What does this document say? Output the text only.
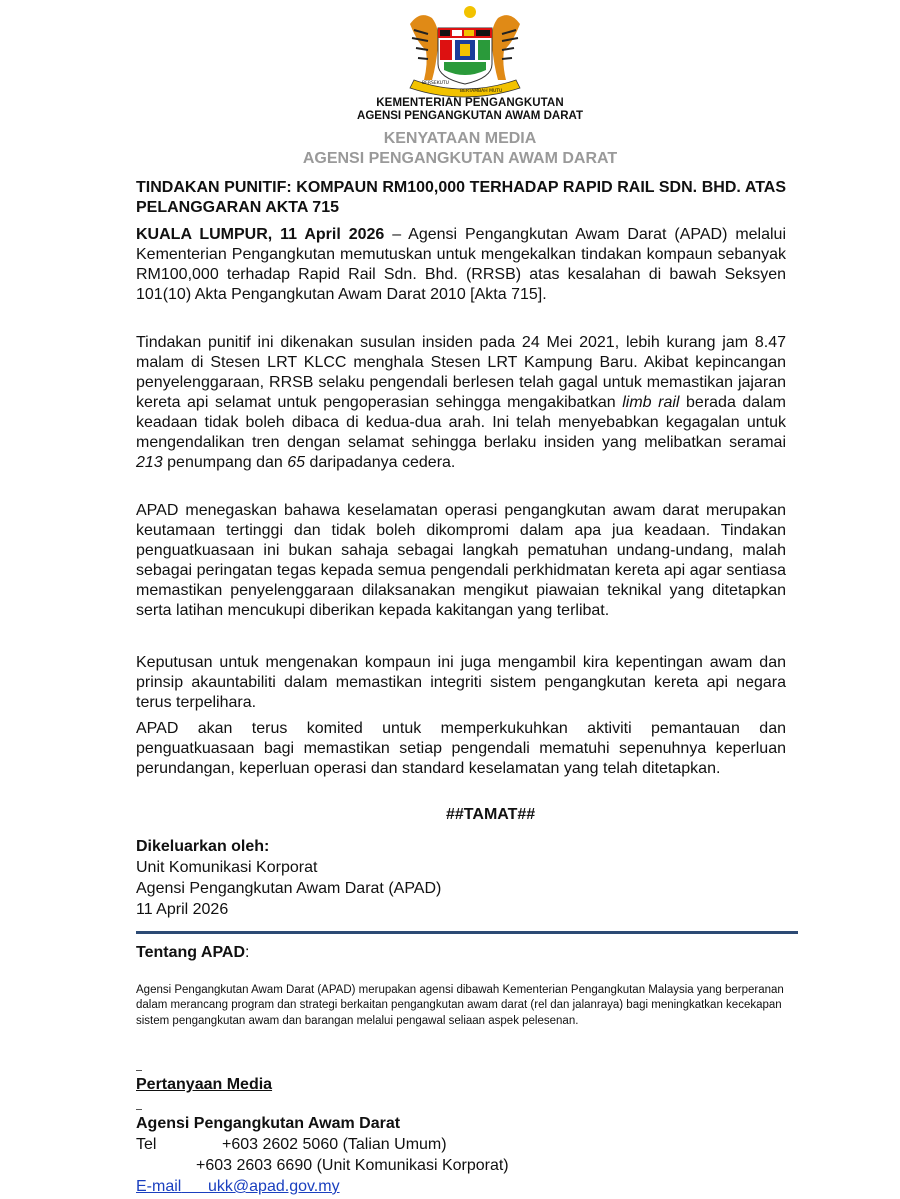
BERSEKUTU
BERTAMBAH MUTU
KEMENTERIAN PENGANGKUTAN
AGENSI PENGANGKUTAN AWAM DARAT
KENYATAAN MEDIA
AGENSI PENGANGKUTAN AWAM DARAT
TINDAKAN PUNITIF: KOMPAUN RM100,000 TERHADAP RAPID RAIL SDN. BHD. ATAS PELANGGARAN AKTA 715
KUALA LUMPUR, 11 April 2026 – Agensi Pengangkutan Awam Darat (APAD) melalui Kementerian Pengangkutan memutuskan untuk mengekalkan tindakan kompaun sebanyak RM100,000 terhadap Rapid Rail Sdn. Bhd. (RRSB) atas kesalahan di bawah Seksyen 101(10) Akta Pengangkutan Awam Darat 2010 [Akta 715].
Tindakan punitif ini dikenakan susulan insiden pada 24 Mei 2021, lebih kurang jam 8.47 malam di Stesen LRT KLCC menghala Stesen LRT Kampung Baru. Akibat kepincangan penyelenggaraan, RRSB selaku pengendali berlesen telah gagal untuk memastikan jajaran kereta api selamat untuk pengoperasian sehingga mengakibatkan limb rail berada dalam keadaan tidak boleh dibaca di kedua-dua arah. Ini telah menyebabkan kegagalan untuk mengendalikan tren dengan selamat sehingga berlaku insiden yang melibatkan seramai 213 penumpang dan 65 daripadanya cedera.
APAD menegaskan bahawa keselamatan operasi pengangkutan awam darat merupakan keutamaan tertinggi dan tidak boleh dikompromi dalam apa jua keadaan. Tindakan penguatkuasaan ini bukan sahaja sebagai langkah pematuhan undang-undang, malah sebagai peringatan tegas kepada semua pengendali perkhidmatan kereta api agar sentiasa memastikan penyelenggaraan dilaksanakan mengikut piawaian teknikal yang ditetapkan serta latihan mencukupi diberikan kepada kakitangan yang terlibat.
Keputusan untuk mengenakan kompaun ini juga mengambil kira kepentingan awam dan prinsip akauntabiliti dalam memastikan integriti sistem pengangkutan kereta api negara terus terpelihara.
APAD akan terus komited untuk memperkukuhkan aktiviti pemantauan dan penguatkuasaan bagi memastikan setiap pengendali mematuhi sepenuhnya keperluan perundangan, keperluan operasi dan standard keselamatan yang telah ditetapkan.
##TAMAT##
Dikeluarkan oleh:
Unit Komunikasi Korporat
Agensi Pengangkutan Awam Darat (APAD)
11 April 2026
Tentang APAD:
Agensi Pengangkutan Awam Darat (APAD) merupakan agensi dibawah Kementerian Pengangkutan Malaysia yang berperanan dalam merancang program dan strategi berkaitan pengangkutan awam darat (rel dan jalanraya) bagi meningkatkan kecekapan sistem pengangkutan awam dan barangan melalui pengawal seliaan aspek pelesenan.
Pertanyaan Media
Agensi Pengangkutan Awam Darat
Tel	+603 2602 5060 (Talian Umum)
+603 2603 6690 (Unit Komunikasi Korporat)
E-mail ukk@apad.gov.my
